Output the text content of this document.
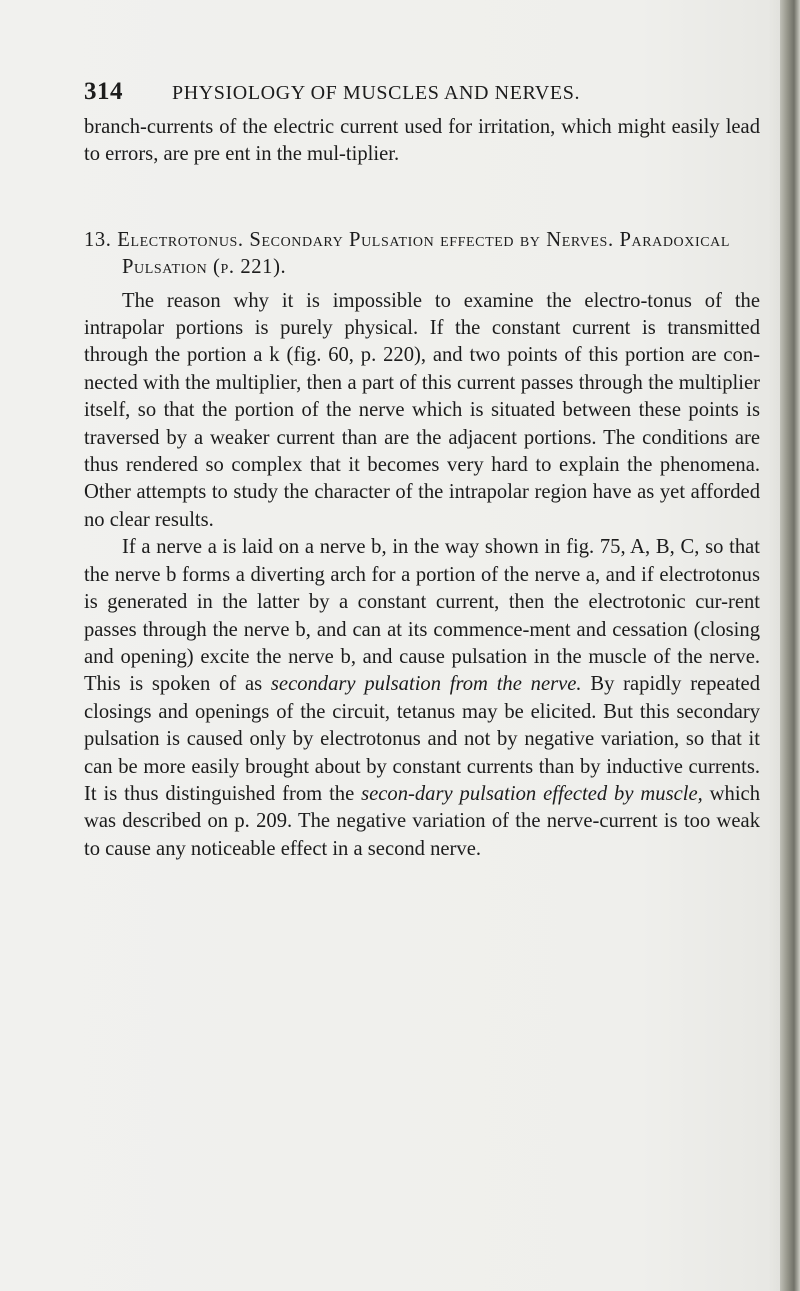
314	PHYSIOLOGY OF MUSCLES AND NERVES.

branch-currents of the electric current used for irritation, which might easily lead to errors, are pre ent in the mul-tiplier.

13. Electrotonus. Secondary Pulsation effected by Nerves. Paradoxical Pulsation (p. 221).

The reason why it is impossible to examine the electro-tonus of the intrapolar portions is purely physical. If the constant current is transmitted through the portion a k (fig. 60, p. 220), and two points of this portion are con-nected with the multiplier, then a part of this current passes through the multiplier itself, so that the portion of the nerve which is situated between these points is traversed by a weaker current than are the adjacent portions. The conditions are thus rendered so complex that it becomes very hard to explain the phenomena. Other attempts to study the character of the intrapolar region have as yet afforded no clear results.

If a nerve a is laid on a nerve b, in the way shown in fig. 75, A, B, C, so that the nerve b forms a diverting arch for a portion of the nerve a, and if electrotonus is generated in the latter by a constant current, then the electrotonic cur-rent passes through the nerve b, and can at its commence-ment and cessation (closing and opening) excite the nerve b, and cause pulsation in the muscle of the nerve. This is spoken of as secondary pulsation from the nerve. By rapidly repeated closings and openings of the circuit, tetanus may be elicited. But this secondary pulsation is caused only by electrotonus and not by negative variation, so that it can be more easily brought about by constant currents than by inductive currents. It is thus distinguished from the secon-dary pulsation effected by muscle, which was described on p. 209. The negative variation of the nerve-current is too weak to cause any noticeable effect in a second nerve.
